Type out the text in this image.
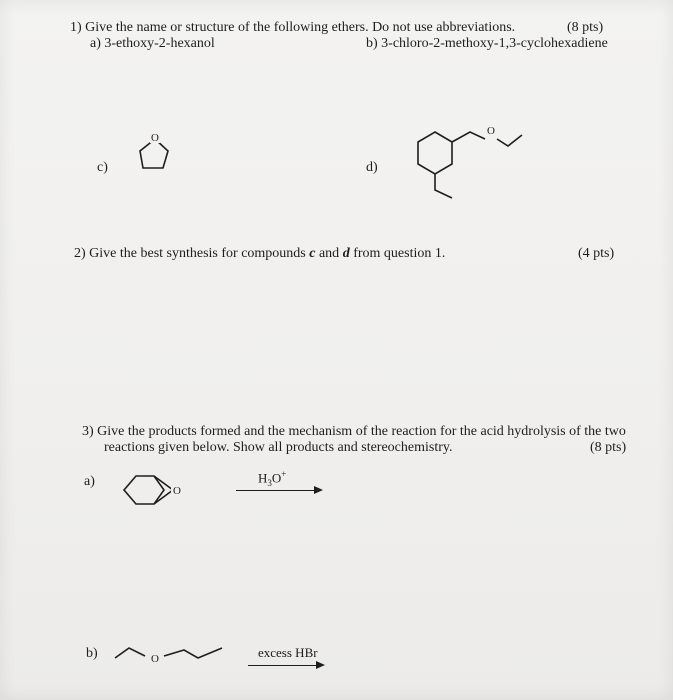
1) Give the name or structure of the following ethers. Do not use abbreviations.	(8 pts)
a) 3-ethoxy-2-hexanol	b) 3-chloro-2-methoxy-1,3-cyclohexadiene
c)
O
d)
O
2) Give the best synthesis for compounds c and d from question 1.	(4 pts)
3) Give the products formed and the mechanism of the reaction for the acid hydrolysis of the two
reactions given below. Show all products and stereochemistry.	(8 pts)
a)
O
$H_3O^+$
b)	O	excess HBr
